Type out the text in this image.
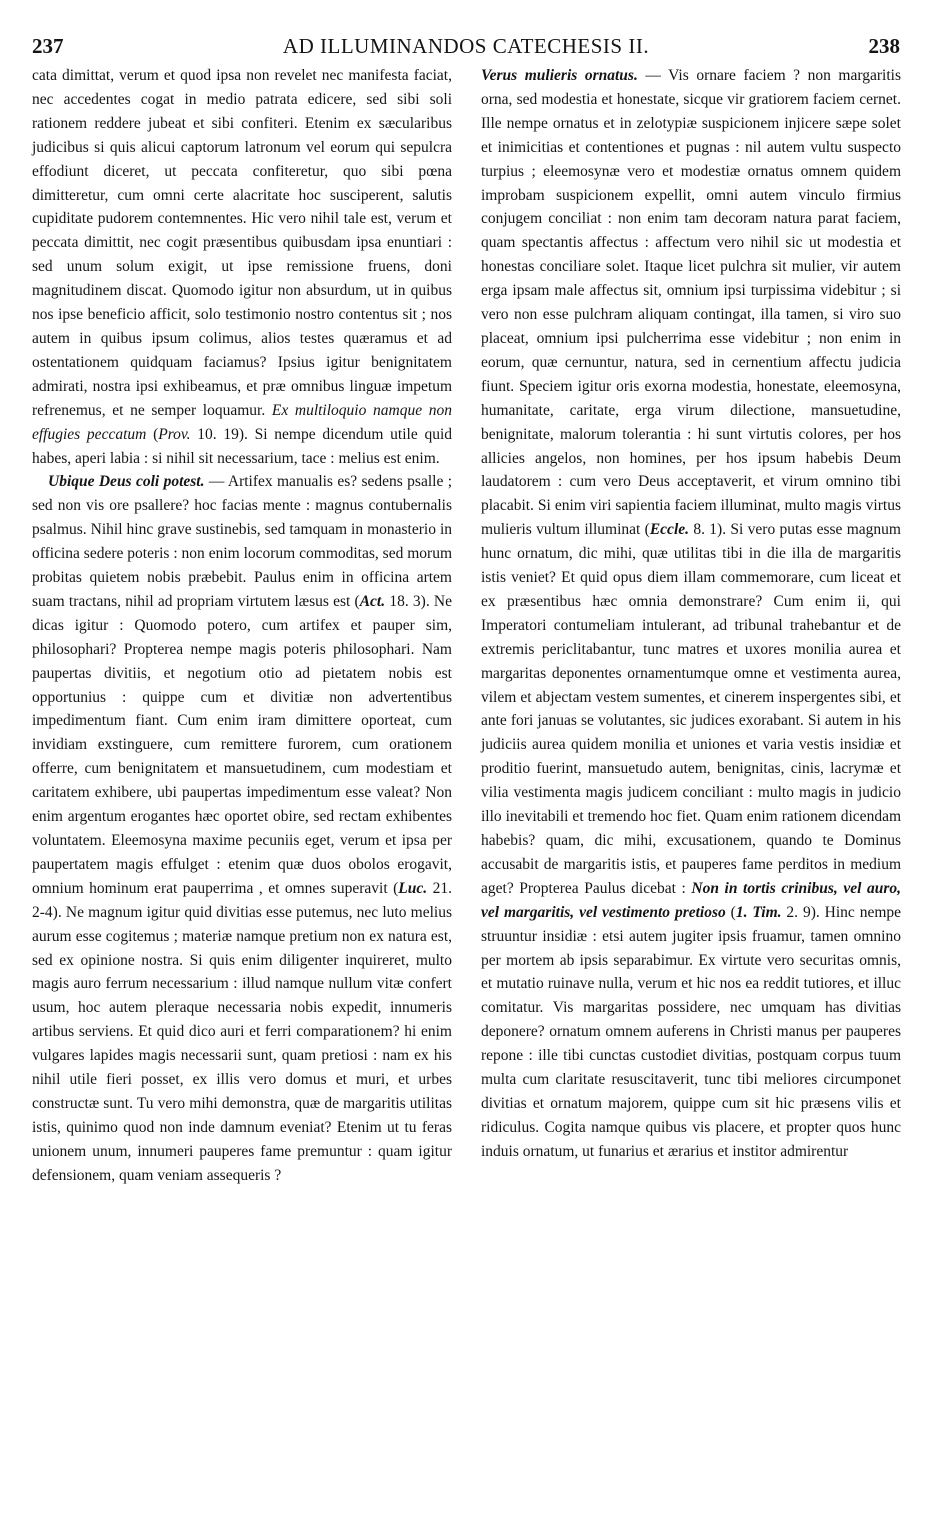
237	AD ILLUMINANDOS CATECHESIS II.	238

cata dimittat, verum et quod ipsa non revelet nec manifesta faciat, nec accedentes cogat in medio patrata edicere, sed sibi soli rationem reddere jubeat et sibi confiteri. Etenim ex sæcularibus judicibus si quis alicui captorum latronum vel eorum qui sepulcra effodiunt diceret, ut peccata confiteretur, quo sibi pœna dimitteretur, cum omni certe alacritate hoc susciperent, salutis cupiditate pudorem contemnentes. Hic vero nihil tale est, verum et peccata dimittit, nec cogit præsentibus quibusdam ipsa enuntiari : sed unum solum exigit, ut ipse remissione fruens, doni magnitudinem discat. Quomodo igitur non absurdum, ut in quibus nos ipse beneficio afficit, solo testimonio nostro contentus sit ; nos autem in quibus ipsum colimus, alios testes quæramus et ad ostentationem quidquam faciamus? Ipsius igitur benignitatem admirati, nostra ipsi exhibeamus, et præ omnibus linguæ impetum refrenemus, et ne semper loquamur. Ex multiloquio namque non effugies peccatum (Prov. 10. 19). Si nempe dicendum utile quid habes, aperi labia : si nihil sit necessarium, tace : melius est enim.

Ubique Deus coli potest. — Artifex manualis es? sedens psalle ; sed non vis ore psallere? hoc facias mente : magnus contubernalis psalmus. Nihil hinc grave sustinebis, sed tamquam in monasterio in officina sedere poteris : non enim locorum commoditas, sed morum probitas quietem nobis præbebit. Paulus enim in officina artem suam tractans, nihil ad propriam virtutem læsus est (Act. 18. 3). Ne dicas igitur : Quomodo potero, cum artifex et pauper sim, philosophari? Propterea nempe magis poteris philosophari. Nam paupertas divitiis, et negotium otio ad pietatem nobis est opportunius : quippe cum et divitiæ non advertentibus impedimentum fiant. Cum enim iram dimittere oporteat, cum invidiam exstinguere, cum remittere furorem, cum orationem offerre, cum benignitatem et mansuetudinem, cum modestiam et caritatem exhibere, ubi paupertas impedimentum esse valeat? Non enim argentum erogantes hæc oportet obire, sed rectam exhibentes voluntatem. Eleemosyna maxime pecuniis eget, verum et ipsa per paupertatem magis effulget : etenim quæ duos obolos erogavit, omnium hominum erat pauperrima , et omnes superavit (Luc. 21. 2-4). Ne magnum igitur quid divitias esse putemus, nec luto melius aurum esse cogitemus ; materiæ namque pretium non ex natura est, sed ex opinione nostra. Si quis enim diligenter inquireret, multo magis auro ferrum necessarium : illud namque nullum vitæ confert usum, hoc autem pleraque necessaria nobis expedit, innumeris artibus serviens. Et quid dico auri et ferri comparationem? hi enim vulgares lapides magis necessarii sunt, quam pretiosi : nam ex his nihil utile fieri posset, ex illis vero domus et muri, et urbes constructæ sunt. Tu vero mihi demonstra, quæ de margaritis utilitas istis, quinimo quod non inde damnum eveniat? Etenim ut tu feras unionem unum, innumeri pauperes fame premuntur : quam igitur defensionem, quam veniam assequeris ?

Verus mulieris ornatus. — Vis ornare faciem ? non margaritis orna, sed modestia et honestate, sicque vir gratiorem faciem cernet. Ille nempe ornatus et in zelotypiæ suspicionem injicere sæpe solet et inimicitias et contentiones et pugnas : nil autem vultu suspecto turpius ; eleemosynæ vero et modestiæ ornatus omnem quidem improbam suspicionem expellit, omni autem vinculo firmius conjugem conciliat : non enim tam decoram natura parat faciem, quam spectantis affectus : affectum vero nihil sic ut modestia et honestas conciliare solet. Itaque licet pulchra sit mulier, vir autem erga ipsam male affectus sit, omnium ipsi turpissima videbitur ; si vero non esse pulchram aliquam contingat, illa tamen, si viro suo placeat, omnium ipsi pulcherrima esse videbitur ; non enim in eorum, quæ cernuntur, natura, sed in cernentium affectu judicia fiunt. Speciem igitur oris exorna modestia, honestate, eleemosyna, humanitate, caritate, erga virum dilectione, mansuetudine, benignitate, malorum tolerantia : hi sunt virtutis colores, per hos allicies angelos, non homines, per hos ipsum habebis Deum laudatorem : cum vero Deus acceptaverit, et virum omnino tibi placabit. Si enim viri sapientia faciem illuminat, multo magis virtus mulieris vultum illuminat (Eccle. 8. 1). Si vero putas esse magnum hunc ornatum, dic mihi, quæ utilitas tibi in die illa de margaritis istis veniet? Et quid opus diem illam commemorare, cum liceat et ex præsentibus hæc omnia demonstrare? Cum enim ii, qui Imperatori contumeliam intulerant, ad tribunal trahebantur et de extremis periclitabantur, tunc matres et uxores monilia aurea et margaritas deponentes ornamentumque omne et vestimenta aurea, vilem et abjectam vestem sumentes, et cinerem inspergentes sibi, et ante fori januas se volutantes, sic judices exorabant. Si autem in his judiciis aurea quidem monilia et uniones et varia vestis insidiæ et proditio fuerint, mansuetudo autem, benignitas, cinis, lacrymæ et vilia vestimenta magis judicem conciliant : multo magis in judicio illo inevitabili et tremendo hoc fiet. Quam enim rationem dicendam habebis? quam, dic mihi, excusationem, quando te Dominus accusabit de margaritis istis, et pauperes fame perditos in medium aget? Propterea Paulus dicebat : Non in tortis crinibus, vel auro, vel margaritis, vel vestimento pretioso (1. Tim. 2. 9). Hinc nempe struuntur insidiæ : etsi autem jugiter ipsis fruamur, tamen omnino per mortem ab ipsis separabimur. Ex virtute vero securitas omnis, et mutatio ruinave nulla, verum et hic nos ea reddit tutiores, et illuc comitatur. Vis margaritas possidere, nec umquam has divitias deponere? ornatum omnem auferens in Christi manus per pauperes repone : ille tibi cunctas custodiet divitias, postquam corpus tuum multa cum claritate resuscitaverit, tunc tibi meliores circumponet divitias et ornatum majorem, quippe cum sit hic præsens vilis et ridiculus. Cogita namque quibus vis placere, et propter quos hunc induis ornatum, ut funarius et ærarius et institor admirentur
